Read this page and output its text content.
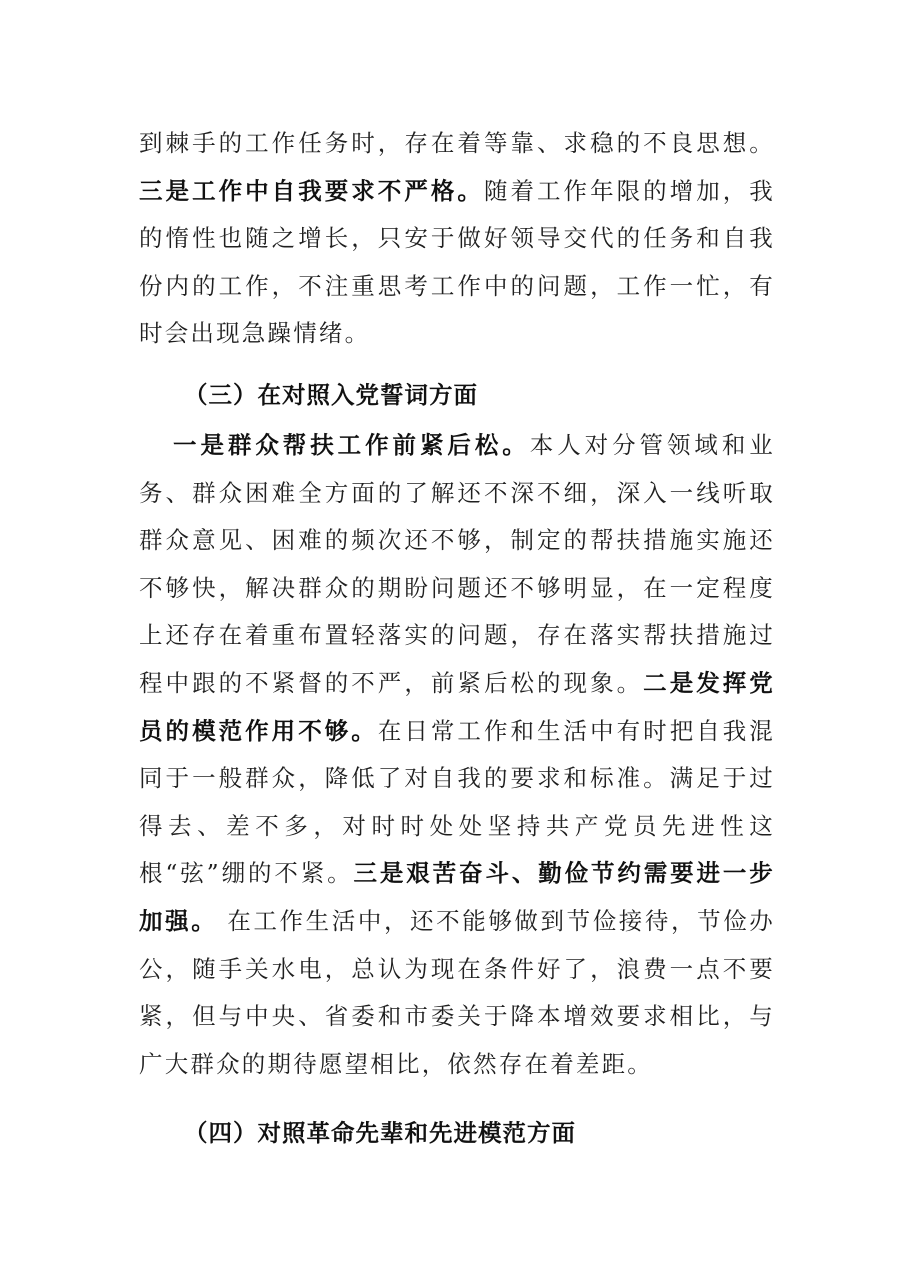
到棘手的工作任务时，存在着等靠、求稳的不良思想。三是工作中自我要求不严格。随着工作年限的增加，我的惰性也随之增长，只安于做好领导交代的任务和自我份内的工作，不注重思考工作中的问题，工作一忙，有时会出现急躁情绪。

（三）在对照入党誓词方面

一是群众帮扶工作前紧后松。本人对分管领域和业务、群众困难全方面的了解还不深不细，深入一线听取群众意见、困难的频次还不够，制定的帮扶措施实施还不够快，解决群众的期盼问题还不够明显，在一定程度上还存在着重布置轻落实的问题，存在落实帮扶措施过程中跟的不紧督的不严，前紧后松的现象。二是发挥党员的模范作用不够。在日常工作和生活中有时把自我混同于一般群众，降低了对自我的要求和标准。满足于过得去、差不多，对时时处处坚持共产党员先进性这根“弦”绷的不紧。三是艰苦奋斗、勤俭节约需要进一步加强。 在工作生活中，还不能够做到节俭接待，节俭办公，随手关水电，总认为现在条件好了，浪费一点不要紧，但与中央、省委和市委关于降本增效要求相比，与广大群众的期待愿望相比，依然存在着差距。

（四）对照革命先辈和先进模范方面
